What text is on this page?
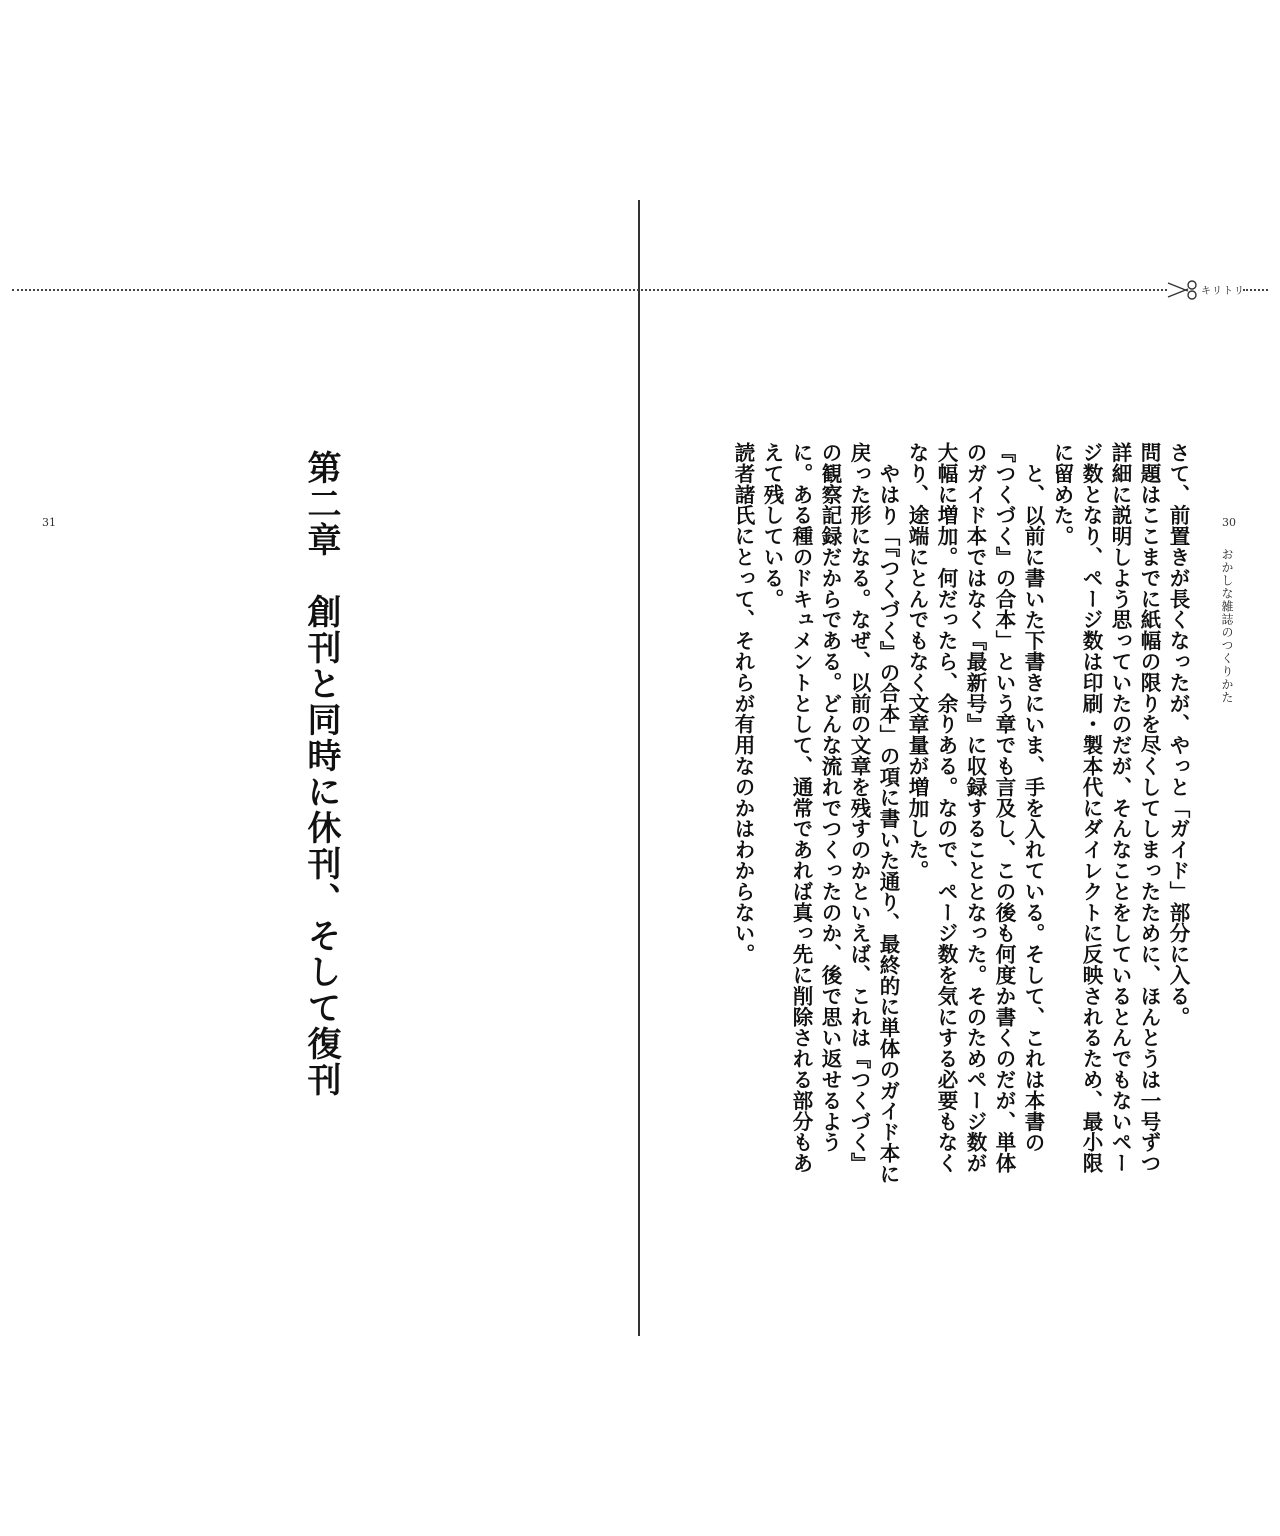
キリトリ
31	30
おかしな雑誌のつくりかた
第二章　創刊と同時に休刊、そして復刊	さて、前置きが長くなったが、やっと「ガイド」部分に入る。

問題はここまでに紙幅の限りを尽くしてしまったために、ほんとうは一号ずつ詳細に説明しよう思っていたのだが、そんなことをしているとんでもないページ数となり、ページ数は印刷・製本代にダイレクトに反映されるため、最小限に留めた。

と、以前に書いた下書きにいま、手を入れている。そして、これは本書の『つくづく』の合本」という章でも言及し、この後も何度か書くのだが、単体のガイド本ではなく『最新号』に収録することとなった。そのためページ数が大幅に増加。何だったら、余りある。なので、ページ数を気にする必要もなくなり、途端にとんでもなく文章量が増加した。

やはり「『つくづく』の合本」の項に書いた通り、最終的に単体のガイド本に戻った形になる。なぜ、以前の文章を残すのかといえば、これは『つくづく』の観察記録だからである。どんな流れでつくったのか、後で思い返せるように。ある種のドキュメントとして、通常であれば真っ先に削除される部分もあえて残している。

読者諸氏にとって、それらが有用なのかはわからない。
